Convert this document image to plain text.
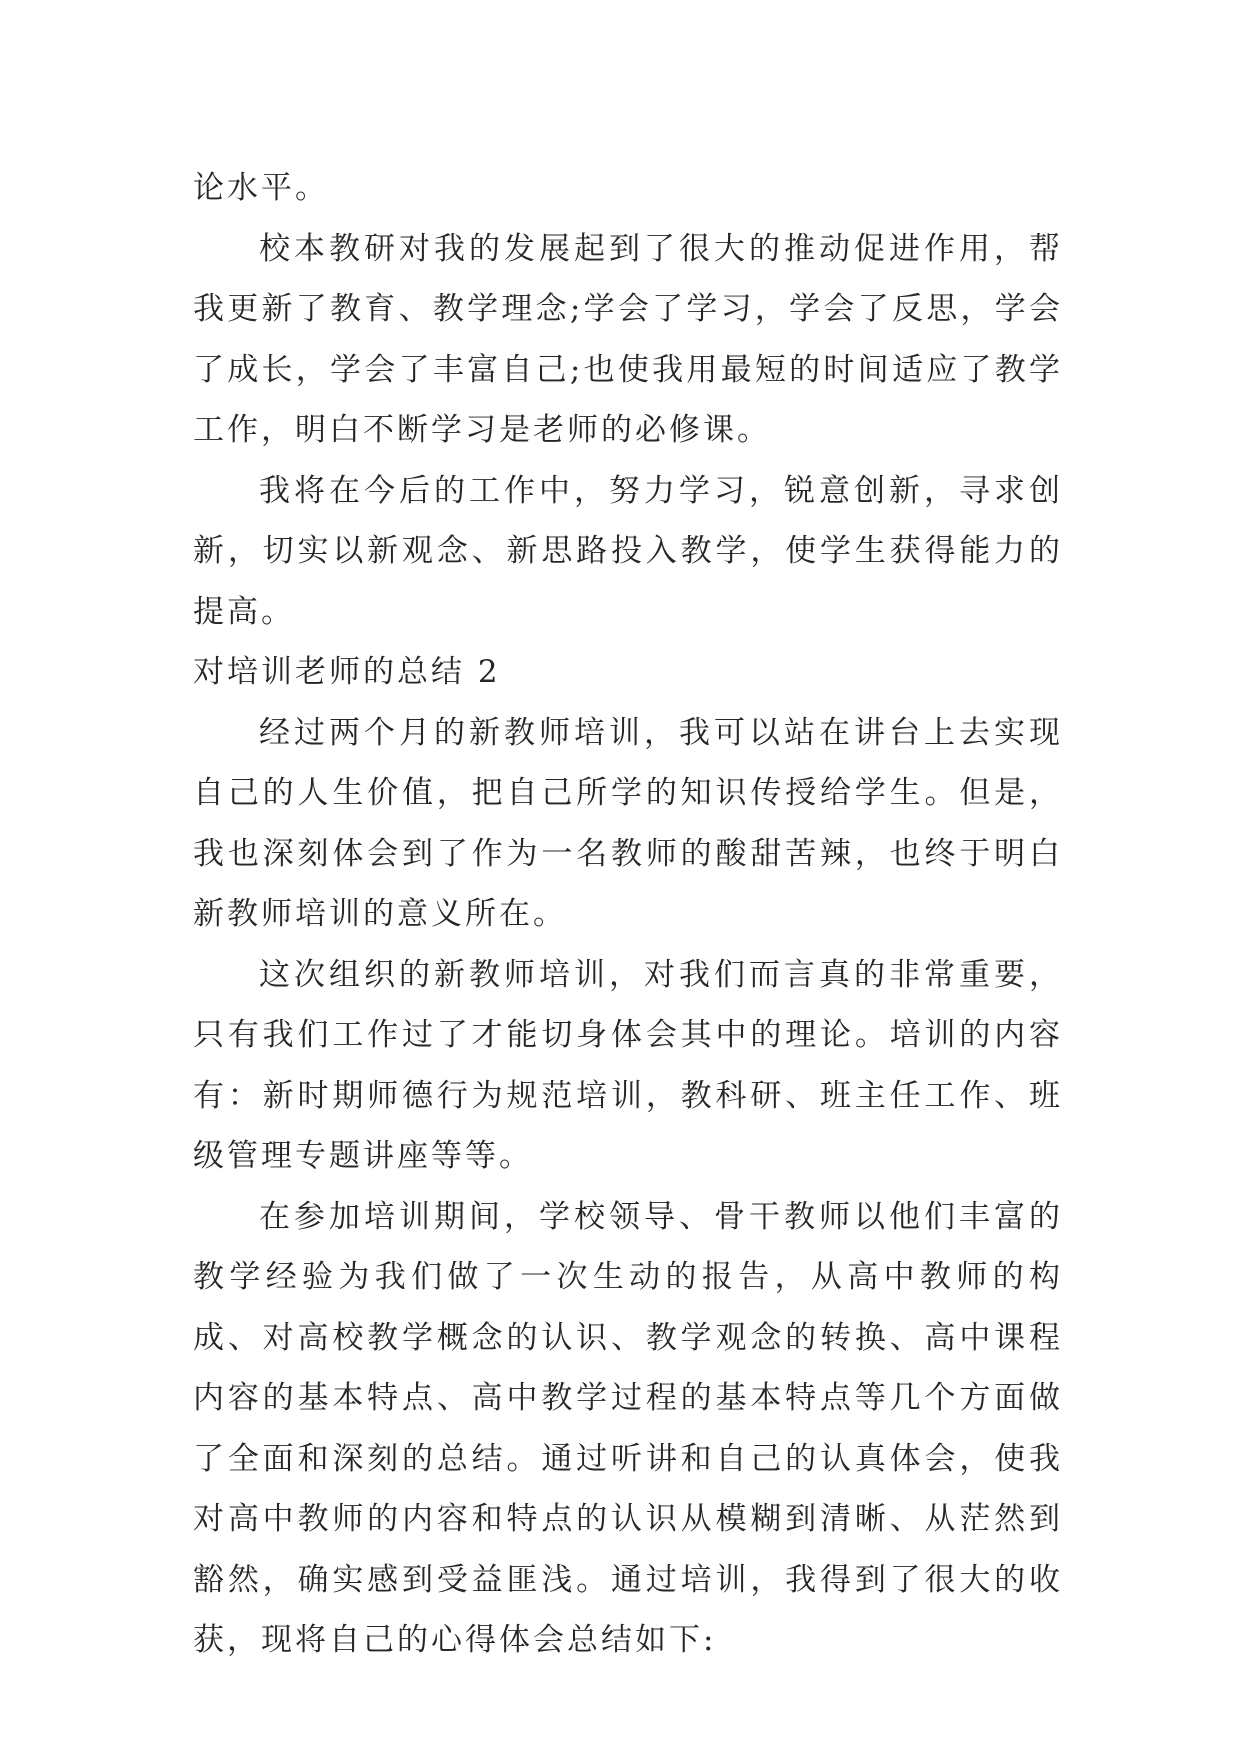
论水平。

校本教研对我的发展起到了很大的推动促进作用，帮我更新了教育、教学理念;学会了学习，学会了反思，学会了成长，学会了丰富自己;也使我用最短的时间适应了教学工作，明白不断学习是老师的必修课。

我将在今后的工作中，努力学习，锐意创新，寻求创新，切实以新观念、新思路投入教学，使学生获得能力的提高。

对培训老师的总结 2

经过两个月的新教师培训，我可以站在讲台上去实现自己的人生价值，把自己所学的知识传授给学生。但是，我也深刻体会到了作为一名教师的酸甜苦辣，也终于明白新教师培训的意义所在。

这次组织的新教师培训，对我们而言真的非常重要，只有我们工作过了才能切身体会其中的理论。培训的内容有：新时期师德行为规范培训，教科研、班主任工作、班级管理专题讲座等等。

在参加培训期间，学校领导、骨干教师以他们丰富的教学经验为我们做了一次生动的报告，从高中教师的构成、对高校教学概念的认识、教学观念的转换、高中课程内容的基本特点、高中教学过程的基本特点等几个方面做了全面和深刻的总结。通过听讲和自己的认真体会，使我对高中教师的内容和特点的认识从模糊到清晰、从茫然到豁然，确实感到受益匪浅。通过培训，我得到了很大的收获，现将自己的心得体会总结如下:
